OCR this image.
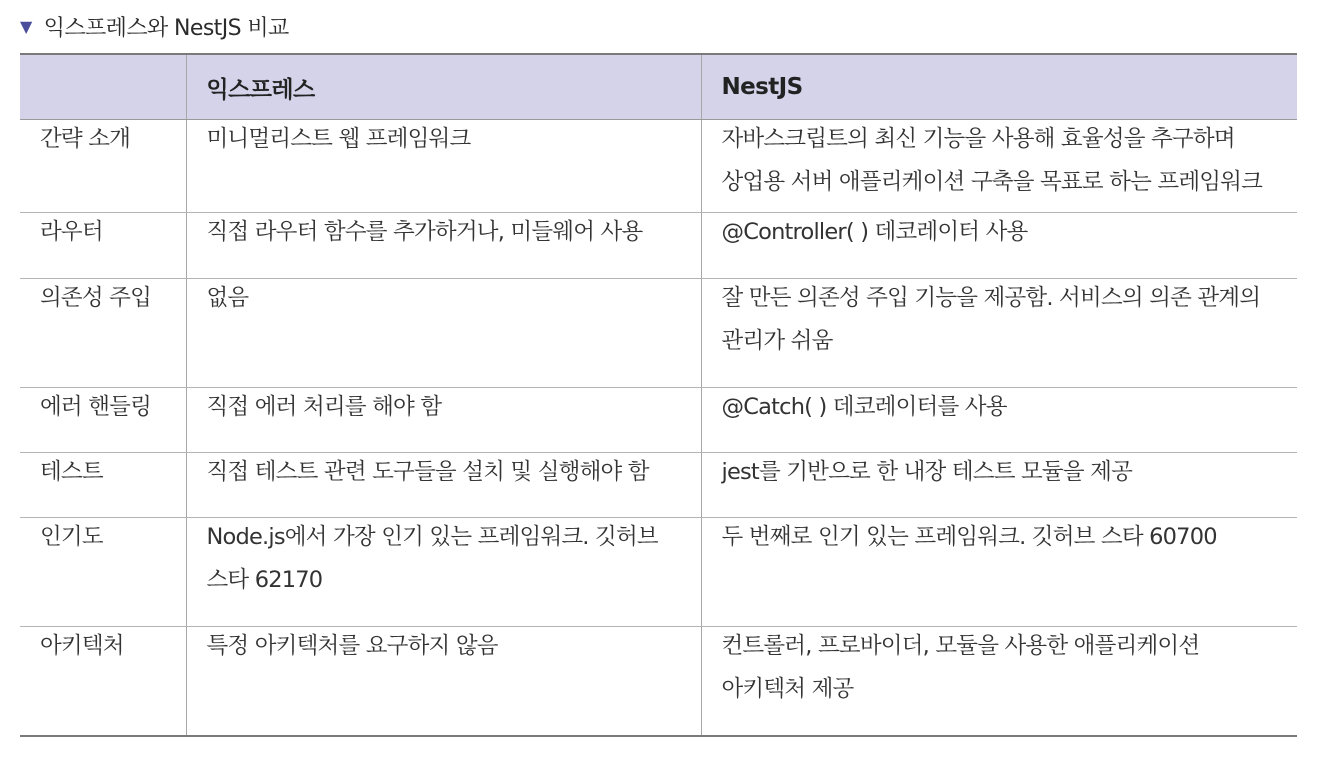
▼ 익스프레스와 NestJS 비교
	익스프레스	NestJS

간략 소개	미니멀리스트 웹 프레임워크	자바스크립트의 최신 기능을 사용해 효율성을 추구하며 상업용 서버 애플리케이션 구축을 목표로 하는 프레임워크

라우터	직접 라우터 함수를 추가하거나, 미들웨어 사용	@Controller( ) 데코레이터 사용

의존성 주입	없음	잘 만든 의존성 주입 기능을 제공함. 서비스의 의존 관계의 관리가 쉬움

에러 핸들링	직접 에러 처리를 해야 함	@Catch( ) 데코레이터를 사용

테스트	직접 테스트 관련 도구들을 설치 및 실행해야 함	jest를 기반으로 한 내장 테스트 모듈을 제공

인기도	Node.js에서 가장 인기 있는 프레임워크. 깃허브 스타 62170	두 번째로 인기 있는 프레임워크. 깃허브 스타 60700

아키텍처	특정 아키텍처를 요구하지 않음	컨트롤러, 프로바이더, 모듈을 사용한 애플리케이션 아키텍처 제공
